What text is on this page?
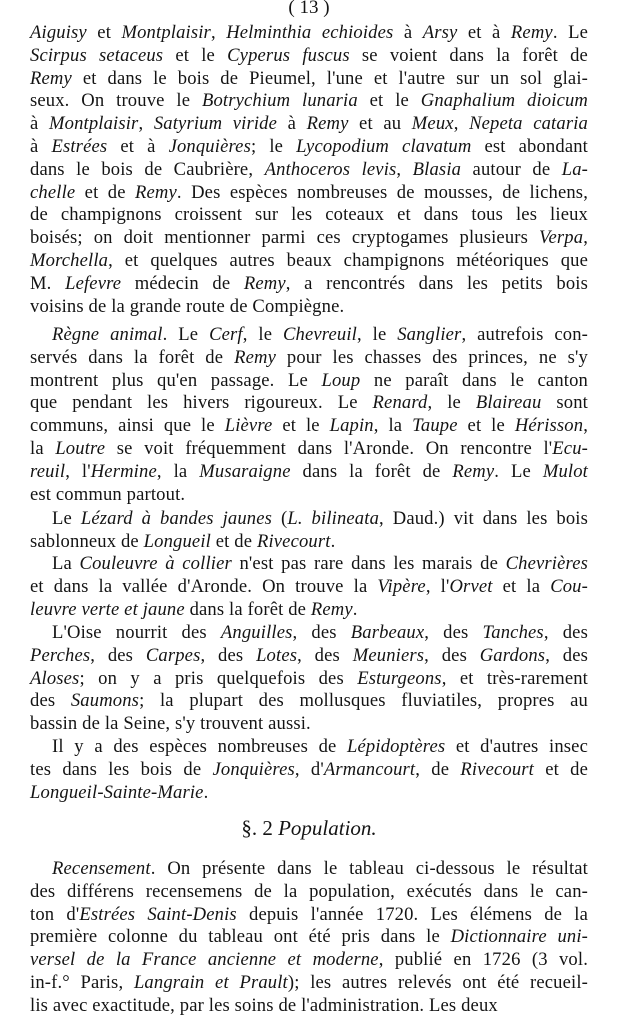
( 13 )
Aiguisy et Montplaisir, Helminthia echioides à Arsy et à Remy. Le
Scirpus setaceus et le Cyperus fuscus se voient dans la forêt de
Remy et dans le bois de Pieumel, l'une et l'autre sur un sol glai-
seux. On trouve le Botrychium lunaria et le Gnaphalium dioicum
à Montplaisir, Satyrium viride à Remy et au Meux, Nepeta cataria
à Estrées et à Jonquières; le Lycopodium clavatum est abondant
dans le bois de Caubrière, Anthoceros levis, Blasia autour de La-
chelle et de Remy. Des espèces nombreuses de mousses, de lichens,
de champignons croissent sur les coteaux et dans tous les lieux
boisés; on doit mentionner parmi ces cryptogames plusieurs Verpa,
Morchella, et quelques autres beaux champignons météoriques que
M. Lefevre médecin de Remy, a rencontrés dans les petits bois
voisins de la grande route de Compiègne.
Règne animal. Le Cerf, le Chevreuil, le Sanglier, autrefois con-
servés dans la forêt de Remy pour les chasses des princes, ne s'y
montrent plus qu'en passage. Le Loup ne paraît dans le canton
que pendant les hivers rigoureux. Le Renard, le Blaireau sont
communs, ainsi que le Lièvre et le Lapin, la Taupe et le Hérisson,
la Loutre se voit fréquemment dans l'Aronde. On rencontre l'Ecu-
reuil, l'Hermine, la Musaraigne dans la forêt de Remy. Le Mulot
est commun partout.
Le Lézard à bandes jaunes (L. bilineata, Daud.) vit dans les bois
sablonneux de Longueil et de Rivecourt.
La Couleuvre à collier n'est pas rare dans les marais de Chevrières
et dans la vallée d'Aronde. On trouve la Vipère, l'Orvet et la Cou-
leuvre verte et jaune dans la forêt de Remy.
L'Oise nourrit des Anguilles, des Barbeaux, des Tanches, des
Perches, des Carpes, des Lotes, des Meuniers, des Gardons, des
Aloses; on y a pris quelquefois des Esturgeons, et très-rarement
des Saumons; la plupart des mollusques fluviatiles, propres au
bassin de la Seine, s'y trouvent aussi.
Il y a des espèces nombreuses de Lépidoptères et d'autres insec
tes dans les bois de Jonquières, d'Armancourt, de Rivecourt et de
Longueil-Sainte-Marie.
§. 2 Population.
Recensement. On présente dans le tableau ci-dessous le résultat
des différens recensemens de la population, exécutés dans le can-
ton d'Estrées Saint-Denis depuis l'année 1720. Les élémens de la
première colonne du tableau ont été pris dans le Dictionnaire uni-
versel de la France ancienne et moderne, publié en 1726 (3 vol.
in-f.° Paris, Langrain et Prault); les autres relevés ont été recueil-
lis avec exactitude, par les soins de l'administration. Les deux
